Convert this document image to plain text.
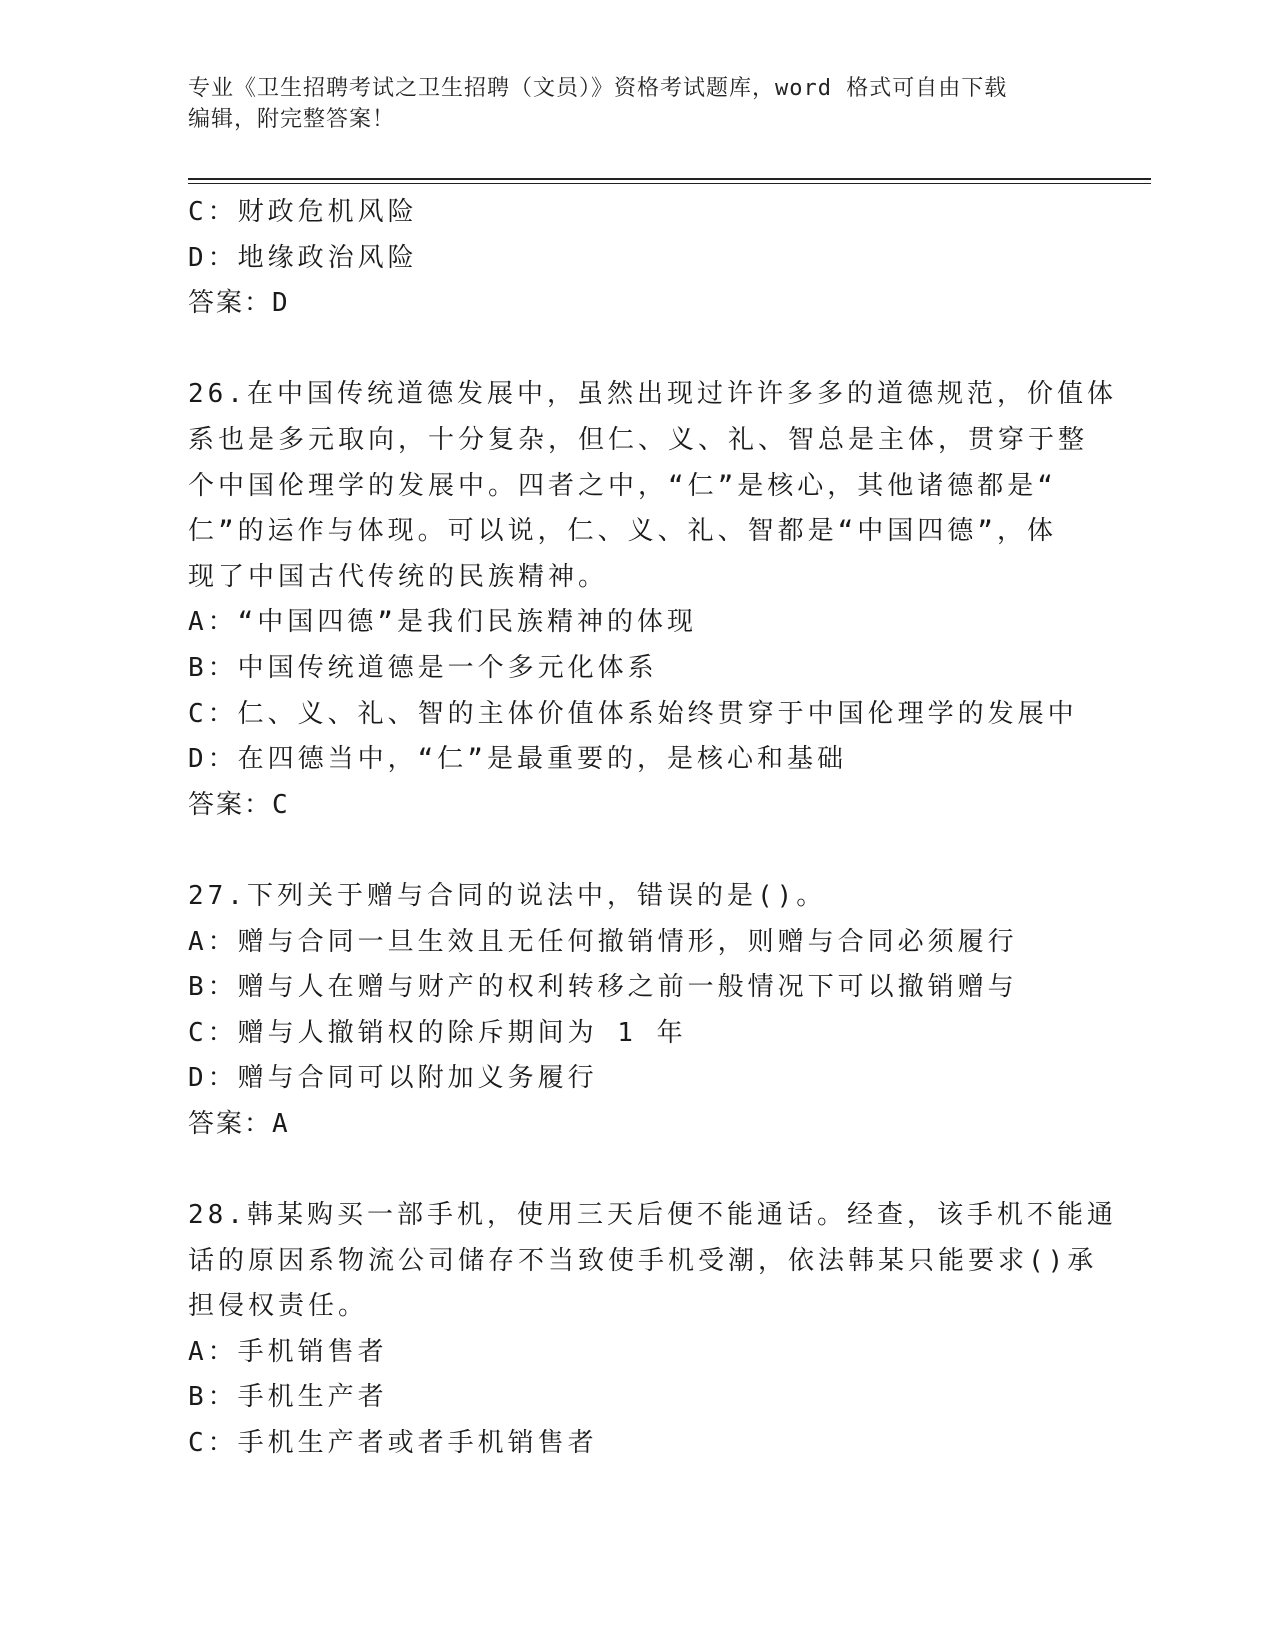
专业《卫生招聘考试之卫生招聘（文员）》资格考试题库，word 格式可自由下载
编辑，附完整答案！
C：财政危机风险
D：地缘政治风险
答案：D
26.在中国传统道德发展中，虽然出现过许许多多的道德规范，价值体
系也是多元取向，十分复杂，但仁、义、礼、智总是主体，贯穿于整
个中国伦理学的发展中。四者之中，“仁”是核心，其他诸德都是“
仁”的运作与体现。可以说，仁、义、礼、智都是“中国四德”，体
现了中国古代传统的民族精神。
A：“中国四德”是我们民族精神的体现
B：中国传统道德是一个多元化体系
C：仁、义、礼、智的主体价值体系始终贯穿于中国伦理学的发展中
D：在四德当中，“仁”是最重要的，是核心和基础
答案：C
27.下列关于赠与合同的说法中，错误的是()。
A：赠与合同一旦生效且无任何撤销情形，则赠与合同必须履行
B：赠与人在赠与财产的权利转移之前一般情况下可以撤销赠与
C：赠与人撤销权的除斥期间为 1 年
D：赠与合同可以附加义务履行
答案：A
28.韩某购买一部手机，使用三天后便不能通话。经查，该手机不能通
话的原因系物流公司储存不当致使手机受潮，依法韩某只能要求()承
担侵权责任。
A：手机销售者
B：手机生产者
C：手机生产者或者手机销售者
